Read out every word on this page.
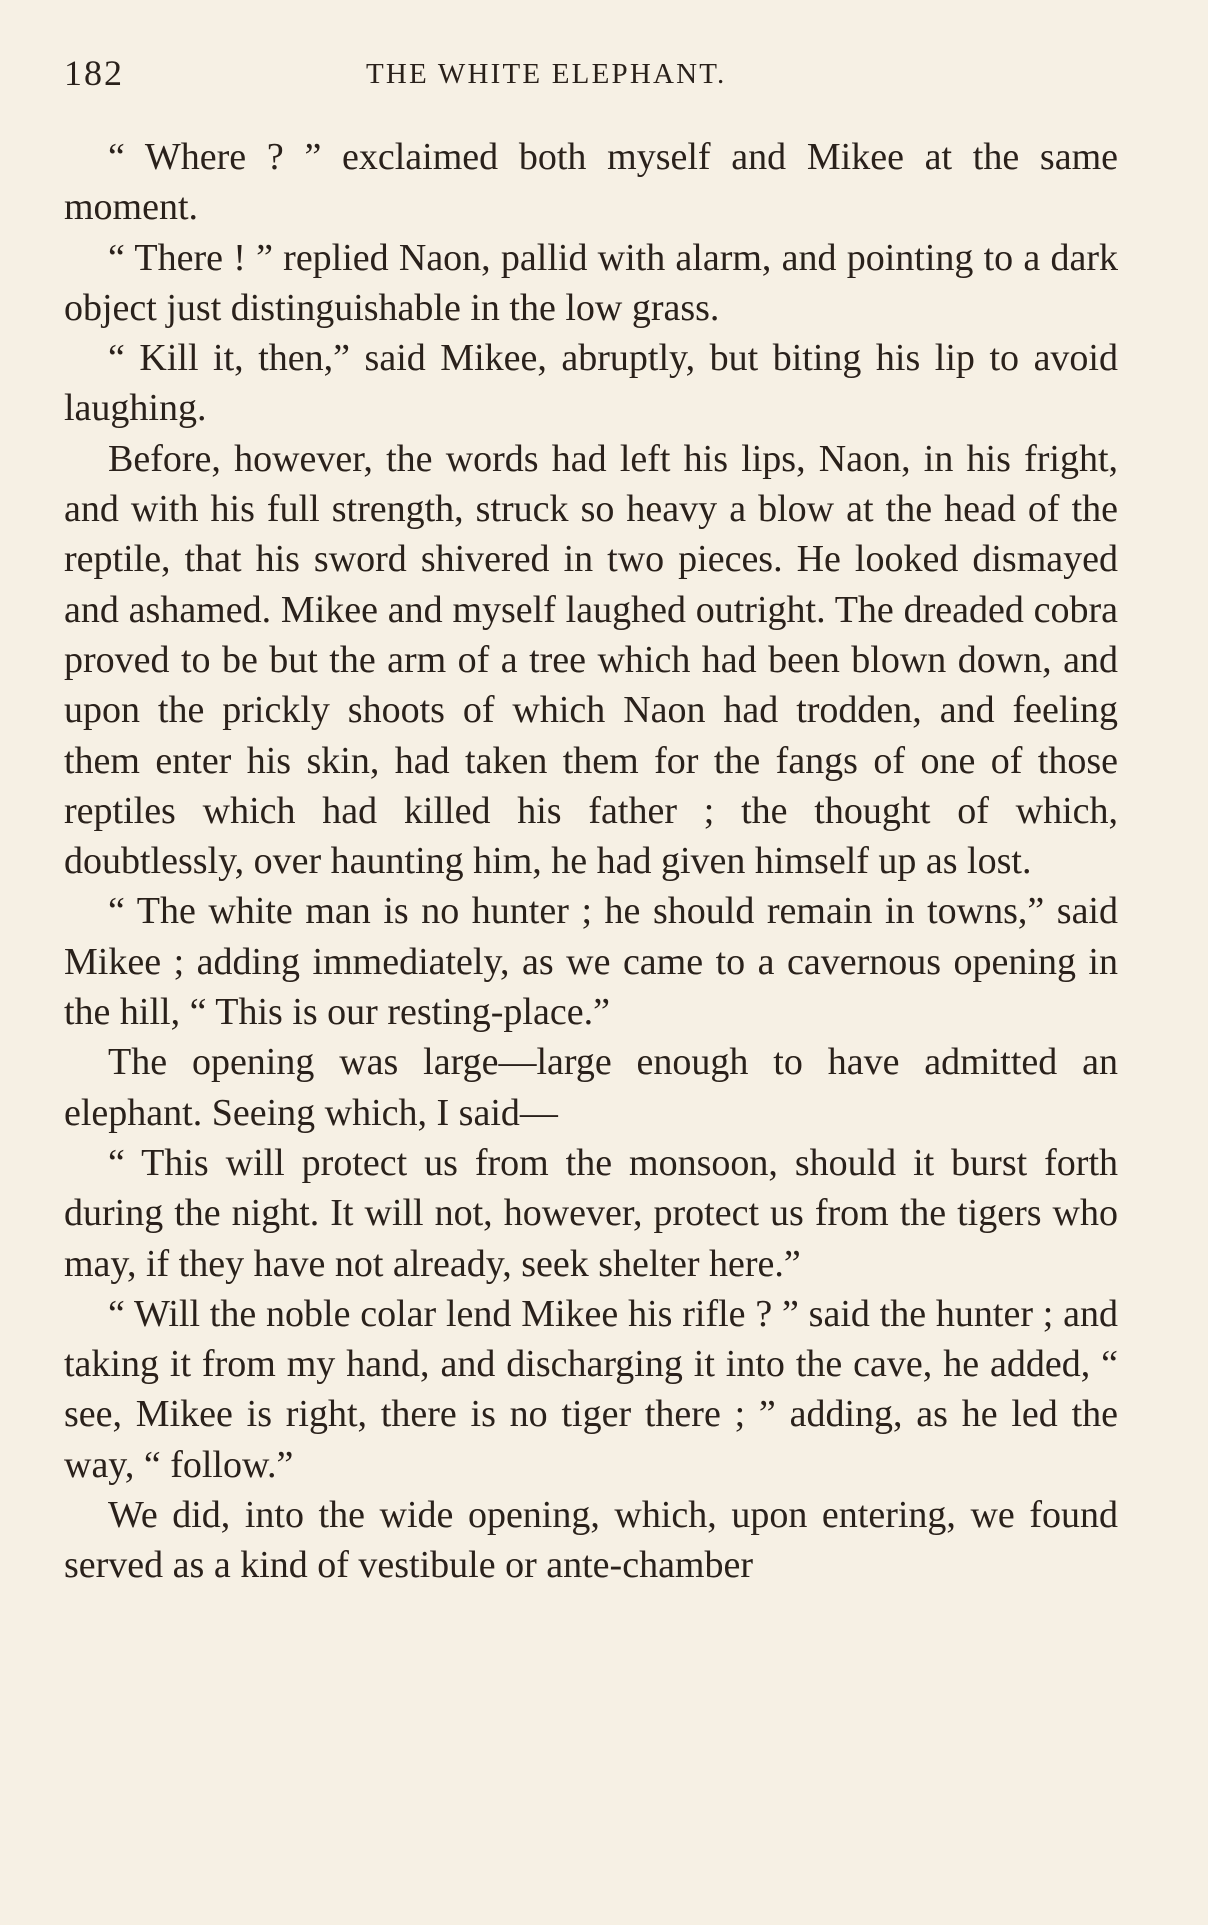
182	THE WHITE ELEPHANT.

“ Where ? ” exclaimed both myself and Mikee at the same moment.

“ There ! ” replied Naon, pallid with alarm, and pointing to a dark object just distinguishable in the low grass.

“ Kill it, then,” said Mikee, abruptly, but biting his lip to avoid laughing.

Before, however, the words had left his lips, Naon, in his fright, and with his full strength, struck so heavy a blow at the head of the reptile, that his sword shivered in two pieces. He looked dismayed and ashamed. Mikee and myself laughed outright. The dreaded cobra proved to be but the arm of a tree which had been blown down, and upon the prickly shoots of which Naon had trodden, and feeling them enter his skin, had taken them for the fangs of one of those reptiles which had killed his father ; the thought of which, doubtlessly, over haunting him, he had given himself up as lost.

“ The white man is no hunter ; he should remain in towns,” said Mikee ; adding immediately, as we came to a cavernous opening in the hill, “ This is our resting-place.”

The opening was large—large enough to have admitted an elephant. Seeing which, I said—

“ This will protect us from the monsoon, should it burst forth during the night. It will not, however, protect us from the tigers who may, if they have not already, seek shelter here.”

“ Will the noble colar lend Mikee his rifle ? ” said the hunter ; and taking it from my hand, and discharging it into the cave, he added, “ see, Mikee is right, there is no tiger there ; ” adding, as he led the way, “ follow.”

We did, into the wide opening, which, upon entering, we found served as a kind of vestibule or ante-chamber
